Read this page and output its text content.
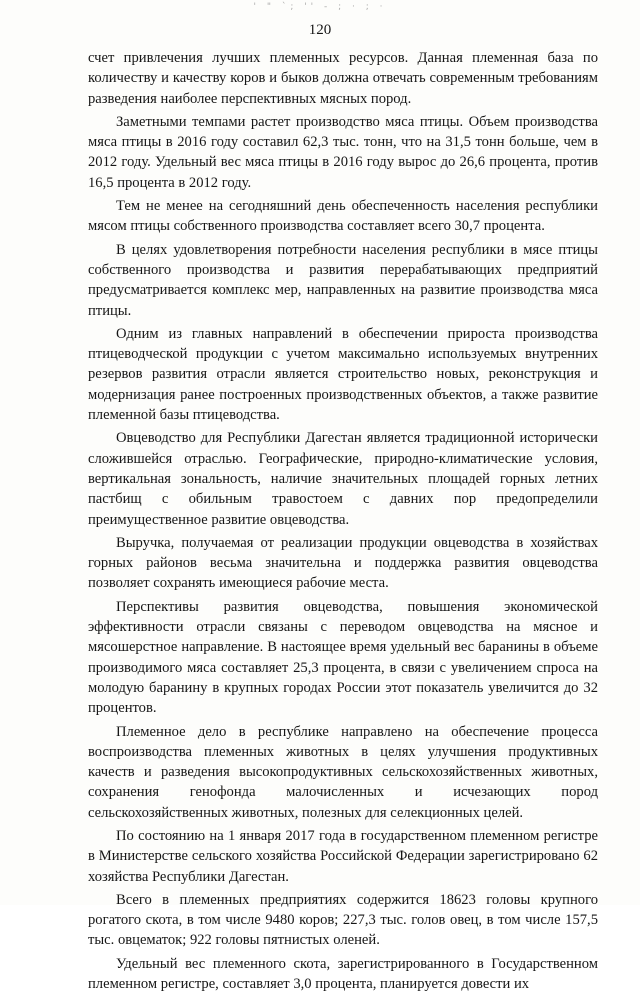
' " `; '' - ; · ; ·
120

счет привлечения лучших племенных ресурсов. Данная племенная база по количеству и качеству коров и быков должна отвечать современным требованиям разведения наиболее перспективных мясных пород.

Заметными темпами растет производство мяса птицы. Объем производства мяса птицы в 2016 году составил 62,3 тыс. тонн, что на 31,5 тонн больше, чем в 2012 году. Удельный вес мяса птицы в 2016 году вырос до 26,6 процента, против 16,5 процента в 2012 году.

Тем не менее на сегодняшний день обеспеченность населения республики мясом птицы собственного производства составляет всего 30,7 процента.

В целях удовлетворения потребности населения республики в мясе птицы собственного производства и развития перерабатывающих предприятий предусматривается комплекс мер, направленных на развитие производства мяса птицы.

Одним из главных направлений в обеспечении прироста производства птицеводческой продукции с учетом максимально используемых внутренних резервов развития отрасли является строительство новых, реконструкция и модернизация ранее построенных производственных объектов, а также развитие племенной базы птицеводства.

Овцеводство для Республики Дагестан является традиционной исторически сложившейся отраслью. Географические, природно-климатические условия, вертикальная зональность, наличие значительных площадей горных летних пастбищ с обильным травостоем с давних пор предопределили преимущественное развитие овцеводства.

Выручка, получаемая от реализации продукции овцеводства в хозяйствах горных районов весьма значительна и поддержка развития овцеводства позволяет сохранять имеющиеся рабочие места.

Перспективы развития овцеводства, повышения экономической эффективности отрасли связаны с переводом овцеводства на мясное и мясошерстное направление. В настоящее время удельный вес баранины в объеме производимого мяса составляет 25,3 процента, в связи с увеличением спроса на молодую баранину в крупных городах России этот показатель увеличится до 32 процентов.

Племенное дело в республике направлено на обеспечение процесса воспроизводства племенных животных в целях улучшения продуктивных качеств и разведения высокопродуктивных сельскохозяйственных животных, сохранения генофонда малочисленных и исчезающих пород сельскохозяйственных животных, полезных для селекционных целей.

По состоянию на 1 января 2017 года в государственном племенном регистре в Министерстве сельского хозяйства Российской Федерации зарегистрировано 62 хозяйства Республики Дагестан.

Всего в племенных предприятиях содержится 18623 головы крупного рогатого скота, в том числе 9480 коров; 227,3 тыс. голов овец, в том числе 157,5 тыс. овцематок; 922 головы пятнистых оленей.

Удельный вес племенного скота, зарегистрированного в Государственном племенном регистре, составляет 3,0 процента, планируется довести их
